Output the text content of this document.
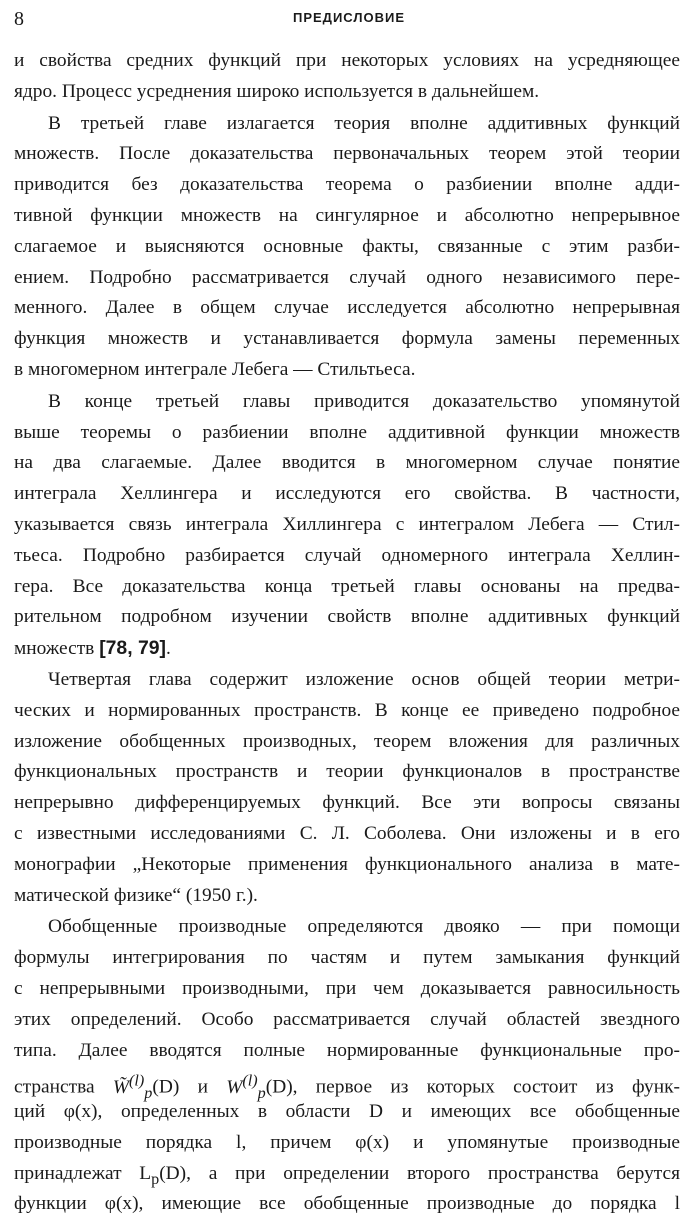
8	ПРЕДИСЛОВИЕ
и свойства средних функций при некоторых условиях на усредняющее
ядро. Процесс усреднения широко используется в дальнейшем.
В третьей главе излагается теория вполне аддитивных функций
множеств. После доказательства первоначальных теорем этой теории
приводится без доказательства теорема о разбиении вполне адди-
тивной функции множеств на сингулярное и абсолютно непрерывное
слагаемое и выясняются основные факты, связанные с этим разби-
ением. Подробно рассматривается случай одного независимого пере-
менного. Далее в общем случае исследуется абсолютно непрерывная
функция множеств и устанавливается формула замены переменных
в многомерном интеграле Лебега — Стильтьеса.
В конце третьей главы приводится доказательство упомянутой
выше теоремы о разбиении вполне аддитивной функции множеств
на два слагаемые. Далее вводится в многомерном случае понятие
интеграла Хеллингера и исследуются его свойства. В частности,
указывается связь интеграла Хиллингера с интегралом Лебега — Стил-
тьеса. Подробно разбирается случай одномерного интеграла Хеллин-
гера. Все доказательства конца третьей главы основаны на предва-
рительном подробном изучении свойств вполне аддитивных функций
множеств [78, 79].
Четвертая глава содержит изложение основ общей теории метри-
ческих и нормированных пространств. В конце ее приведено подробное
изложение обобщенных производных, теорем вложения для различных
функциональных пространств и теории функционалов в пространстве
непрерывно дифференцируемых функций. Все эти вопросы связаны
с известными исследованиями С. Л. Соболева. Они изложены и в его
монографии „Некоторые применения функционального анализа в мате-
матической физике“ (1950 г.).
Обобщенные производные определяются двояко — при помощи
формулы интегрирования по частям и путем замыкания функций
с непрерывными производными, при чем доказывается равносильность
этих определений. Особо рассматривается случай областей звездного
типа. Далее вводятся полные нормированные функциональные про-
странства W̃$^{(l)}_p$(D) и $W^{(l)}_p(D)$, первое из которых состоит из функ-
ций φ(x), определенных в области D и имеющих все обобщенные
производные порядка l, причем φ(x) и упомянутые производные
принадлежат $L_p(D)$, а при определении второго пространства берутся
функции φ(x), имеющие все обобщенные производные до порядка l
